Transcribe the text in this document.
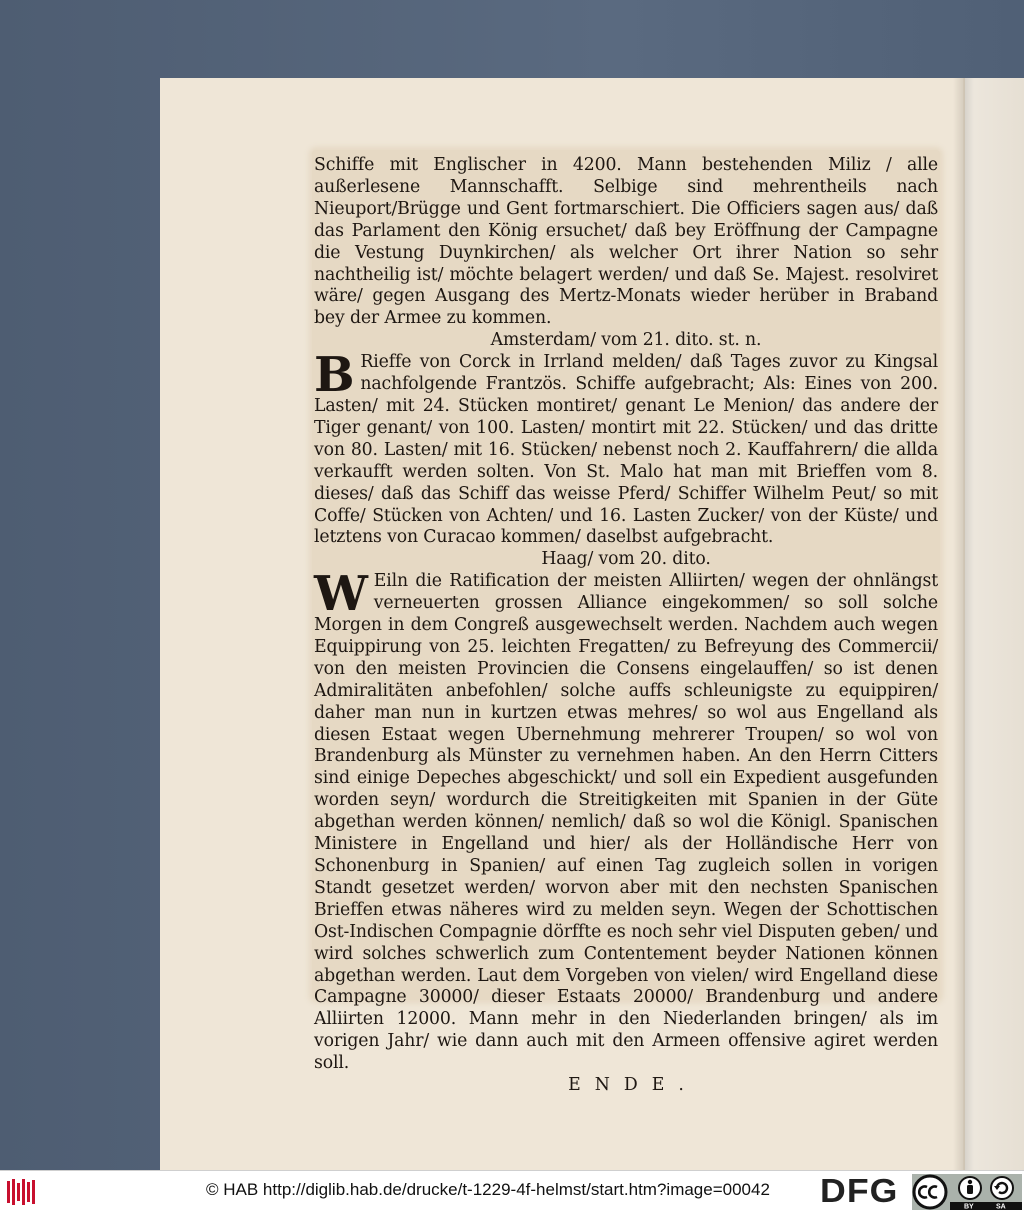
Schiffe mit Englischer in 4200. Mann bestehenden Miliz / alle außerlesene Mannschafft. Selbige sind mehrentheils nach Nieuport/Brügge und Gent fortmarschiert. Die Officiers sagen aus/ daß das Parlament den König ersuchet/ daß bey Eröffnung der Campagne die Vestung Duynkirchen/ als welcher Ort ihrer Nation so sehr nachtheilig ist/ möchte belagert werden/ und daß Se. Majest. resolviret wäre/ gegen Ausgang des Mertz-Monats wieder herüber in Braband bey der Armee zu kommen.

Amsterdam/ vom 21. dito. st. n.

B Rieffe von Corck in Irrland melden/ daß Tages zuvor zu Kingsal nachfolgende Frantzös. Schiffe aufgebracht; Als: Eines von 200. Lasten/ mit 24. Stücken montiret/ genant Le Menion/ das andere der Tiger genant/ von 100. Lasten/ montirt mit 22. Stücken/ und das dritte von 80. Lasten/ mit 16. Stücken/ nebenst noch 2. Kauffahrern/ die allda verkaufft werden solten. Von St. Malo hat man mit Brieffen vom 8. dieses/ daß das Schiff das weisse Pferd/ Schiffer Wilhelm Peut/ so mit Coffe/ Stücken von Achten/ und 16. Lasten Zucker/ von der Küste/ und letztens von Curacao kommen/ daselbst aufgebracht.

Haag/ vom 20. dito.

W Eiln die Ratification der meisten Alliirten/ wegen der ohnlängst verneuerten grossen Alliance eingekommen/ so soll solche Morgen in dem Congreß ausgewechselt werden. Nachdem auch wegen Equippirung von 25. leichten Fregatten/ zu Befreyung des Commercii/ von den meisten Provincien die Consens eingelauffen/ so ist denen Admiralitäten anbefohlen/ solche auffs schleunigste zu equippiren/ daher man nun in kurtzen etwas mehres/ so wol aus Engelland als diesen Estaat wegen Ubernehmung mehrerer Troupen/ so wol von Brandenburg als Münster zu vernehmen haben. An den Herrn Citters sind einige Depeches abgeschickt/ und soll ein Expedient ausgefunden worden seyn/ wordurch die Streitigkeiten mit Spanien in der Güte abgethan werden können/ nemlich/ daß so wol die Königl. Spanischen Ministere in Engelland und hier/ als der Holländische Herr von Schonenburg in Spanien/ auf einen Tag zugleich sollen in vorigen Standt gesetzet werden/ worvon aber mit den nechsten Spanischen Brieffen etwas näheres wird zu melden seyn. Wegen der Schottischen Ost-Indischen Compagnie dörffte es noch sehr viel Disputen geben/ und wird solches schwerlich zum Contentement beyder Nationen können abgethan werden. Laut dem Vorgeben von vielen/ wird Engelland diese Campagne 30000/ dieser Estaats 20000/ Brandenburg und andere Alliirten 12000. Mann mehr in den Niederlanden bringen/ als im vorigen Jahr/ wie dann auch mit den Armeen offensive agiret werden soll.

ENDE.

© HAB http://diglib.hab.de/drucke/t-1229-4f-helmst/start.htm?image=00042 DFG	BY	SA
